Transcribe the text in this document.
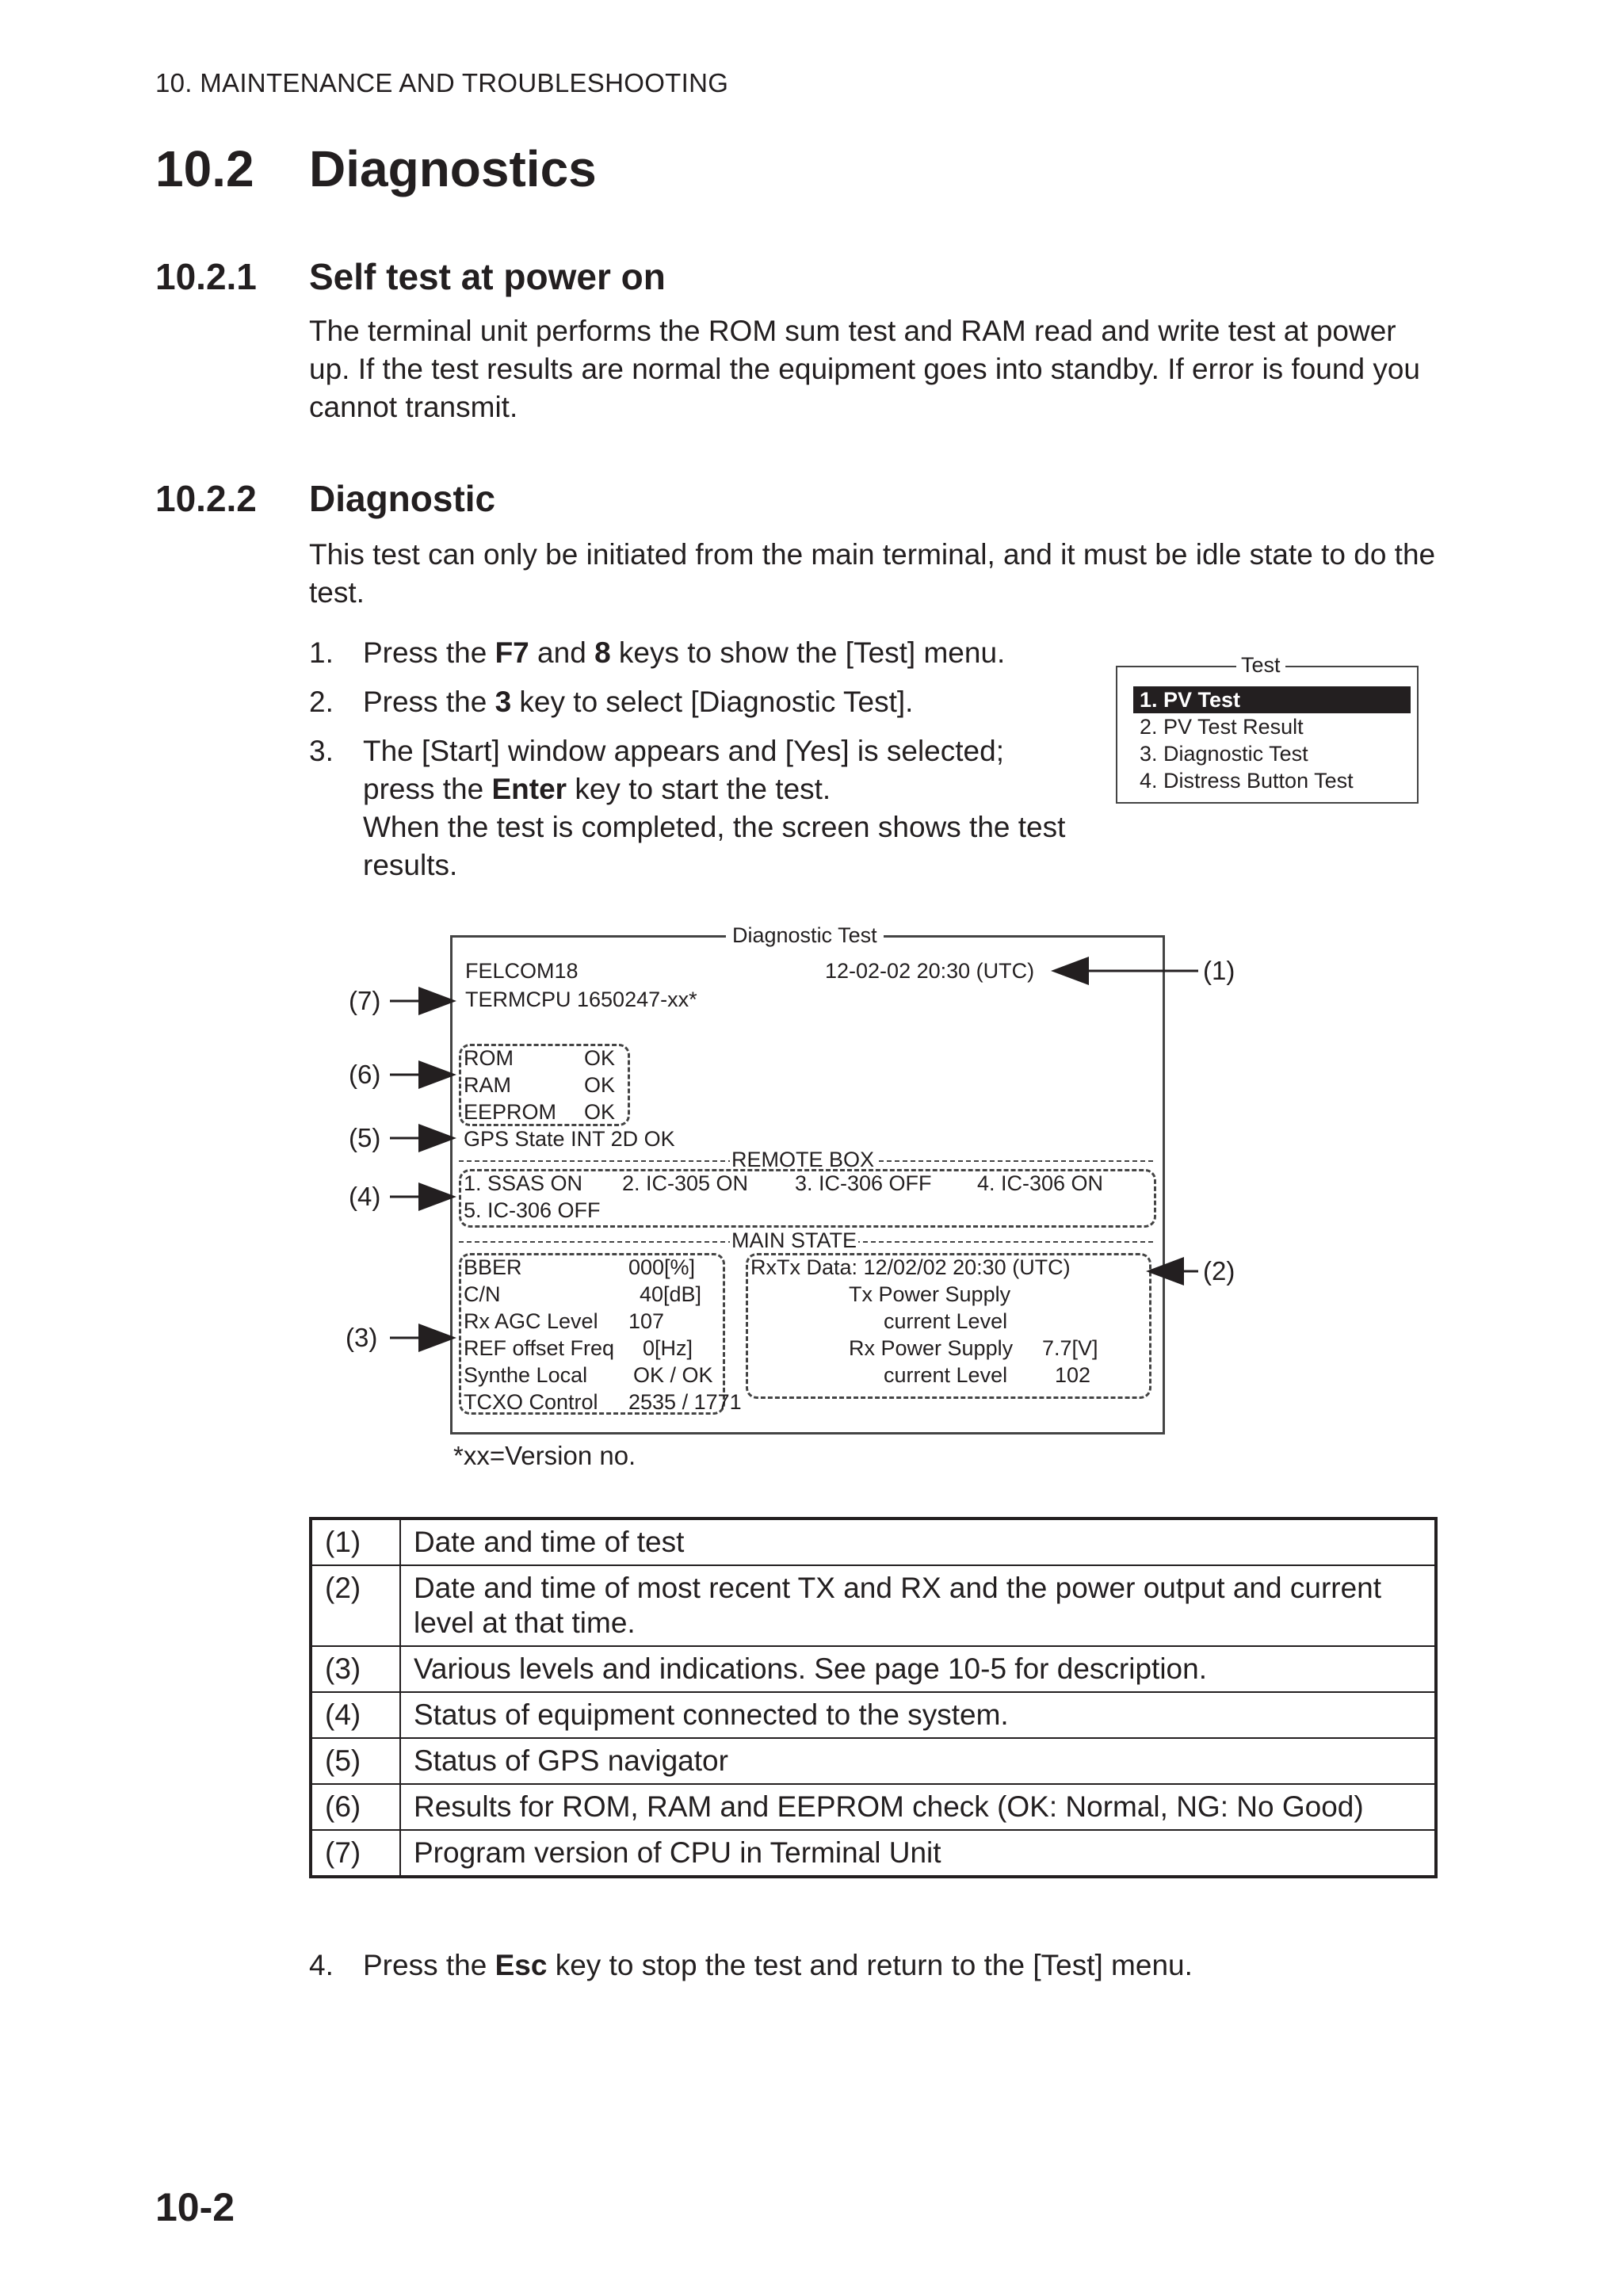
10. MAINTENANCE AND TROUBLESHOOTING
10.2 Diagnostics
10.2.1 Self test at power on
The terminal unit performs the ROM sum test and RAM read and write test at power up. If the test results are normal the equipment goes into standby. If error is found you cannot transmit.
10.2.2 Diagnostic
This test can only be initiated from the main terminal, and it must be idle state to do the test.
1. Press the F7 and 8 keys to show the [Test] menu.
2. Press the 3 key to select [Diagnostic Test].
3. The [Start] window appears and [Yes] is selected;
press the Enter key to start the test.
When the test is completed, the screen shows the test results.
Test
1. PV Test
2. PV Test Result
3. Diagnostic Test
4. Distress Button Test
Diagnostic Test
FELCOM18	12-02-02 20:30 (UTC)
TERMCPU 1650247-xx*
ROM	OK
RAM	OK
EEPROM OK
GPS State INT 2D OK
REMOTE BOX
1. SSAS ON 2. IC-305 ON 3. IC-306 OFF 4. IC-306 ON
5. IC-306 OFF
MAIN STATE
BBER	000[%]
C/N	40[dB]
Rx AGC Level 107
REF offset Freq 0[Hz]
Synthe Local OK / OK
TCXO Control 2535 / 1771
RxTx Data: 12/02/02 20:30 (UTC)
Tx Power Supply
current Level
Rx Power Supply 7.7[V]
current Level 102
(1)
(2)
(3)
(4)
(5)
(6)
(7)
*xx=Version no.
(1)	Date and time of test
(2)	Date and time of most recent TX and RX and the power output and current level at that time.
(3)	Various levels and indications. See page 10-5 for description.
(4)	Status of equipment connected to the system.
(5)	Status of GPS navigator
(6)	Results for ROM, RAM and EEPROM check (OK: Normal, NG: No Good)
(7)	Program version of CPU in Terminal Unit
4. Press the Esc key to stop the test and return to the [Test] menu.
10-2
